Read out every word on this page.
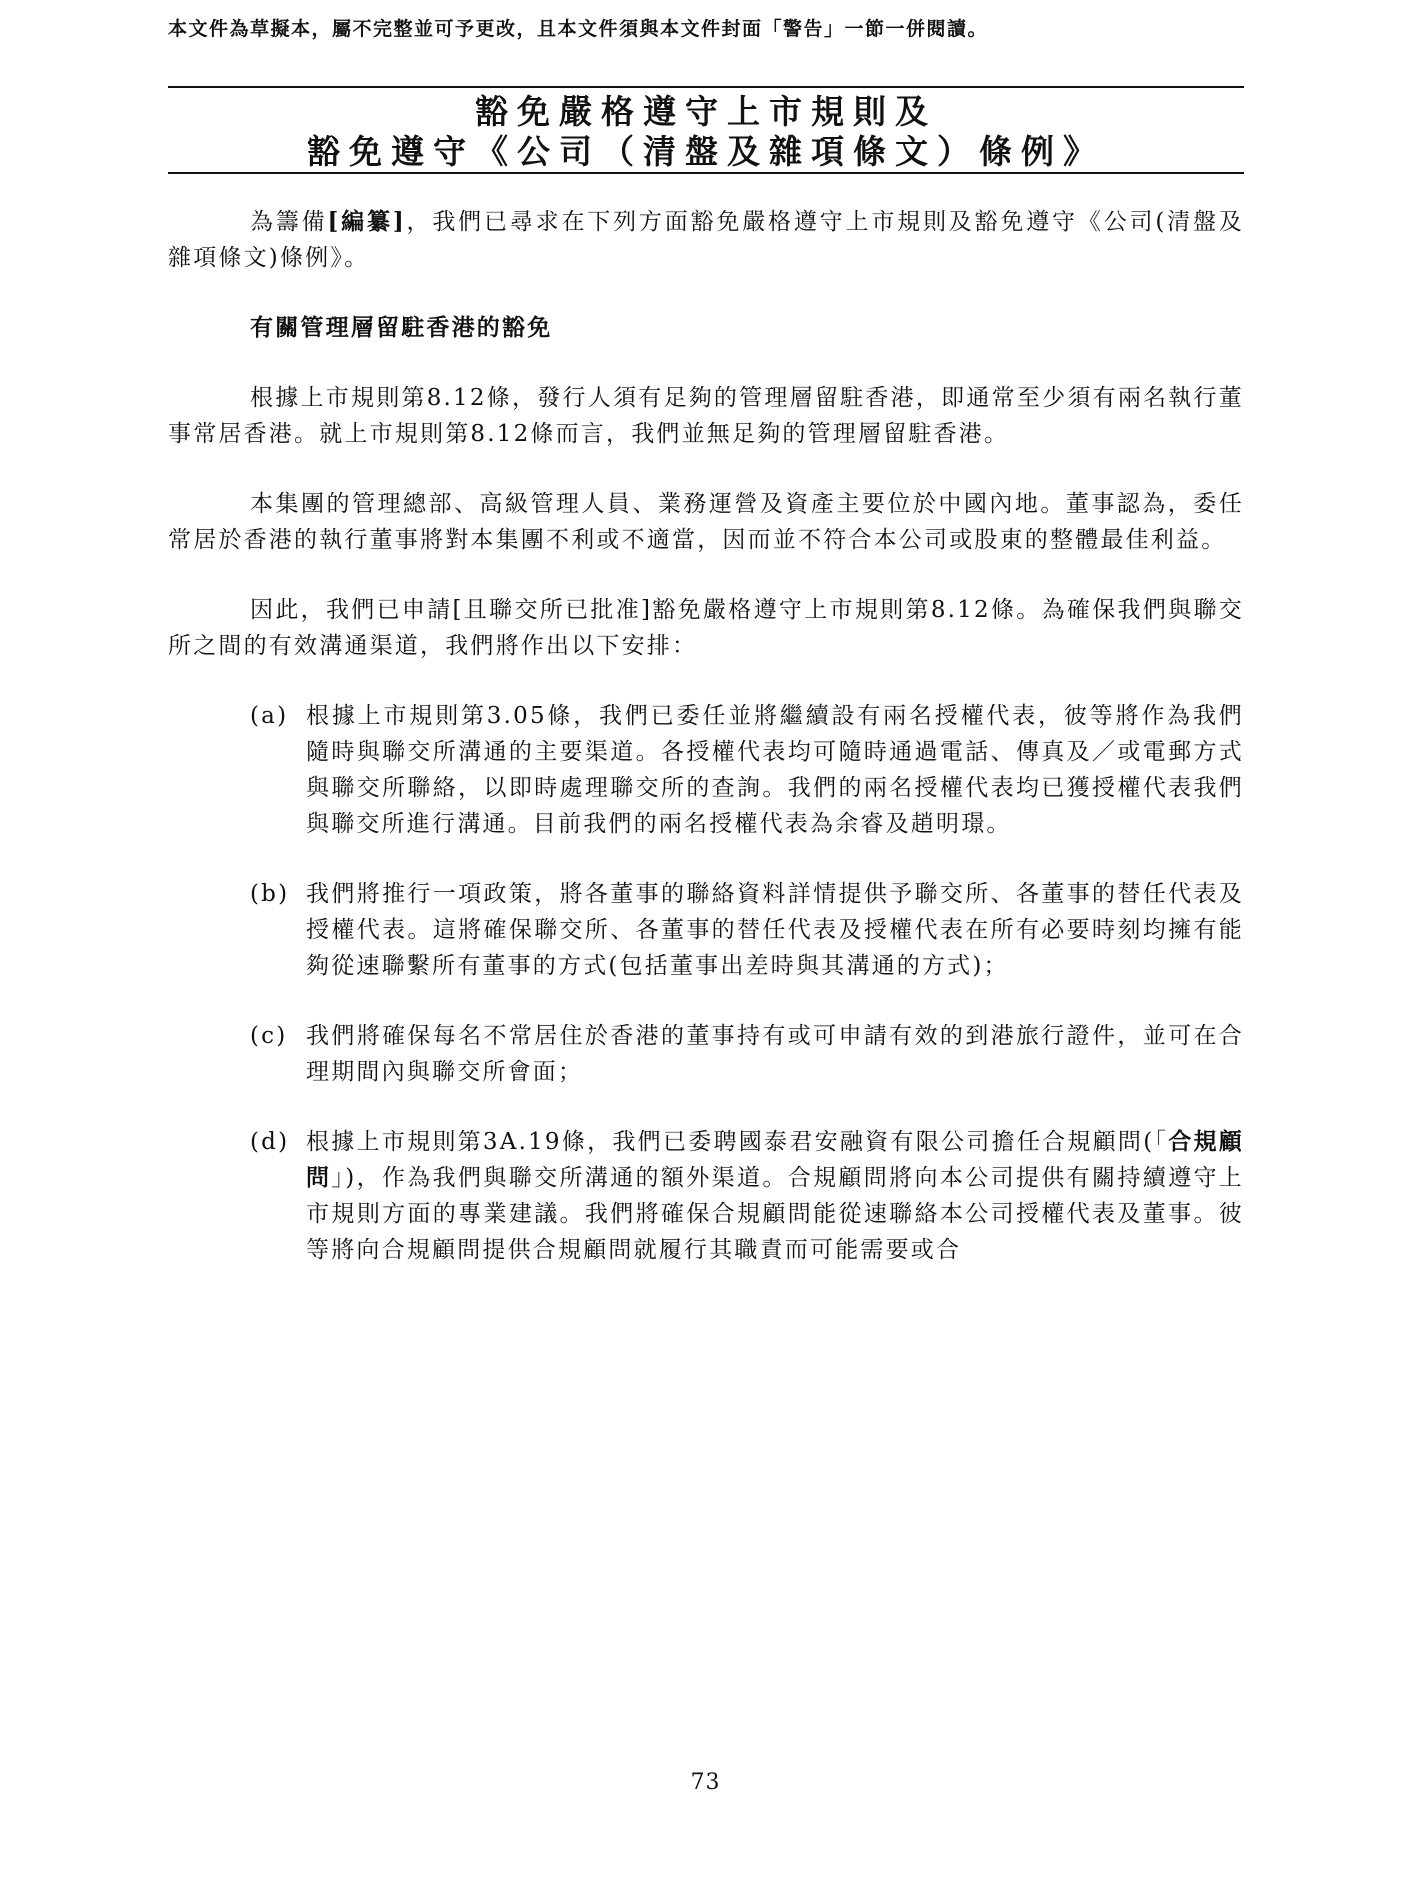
本文件為草擬本，屬不完整並可予更改，且本文件須與本文件封面「警告」一節一併閱讀。
豁免嚴格遵守上市規則及
豁免遵守《公司（清盤及雜項條文）條例》

為籌備[編纂]，我們已尋求在下列方面豁免嚴格遵守上市規則及豁免遵守《公司(清盤及雜項條文)條例》。

有關管理層留駐香港的豁免

根據上市規則第8.12條，發行人須有足夠的管理層留駐香港，即通常至少須有兩名執行董事常居香港。就上市規則第8.12條而言，我們並無足夠的管理層留駐香港。

本集團的管理總部、高級管理人員、業務運營及資產主要位於中國內地。董事認為，委任常居於香港的執行董事將對本集團不利或不適當，因而並不符合本公司或股東的整體最佳利益。

因此，我們已申請[且聯交所已批准]豁免嚴格遵守上市規則第8.12條。為確保我們與聯交所之間的有效溝通渠道，我們將作出以下安排：

(a) 根據上市規則第3.05條，我們已委任並將繼續設有兩名授權代表，彼等將作為我們隨時與聯交所溝通的主要渠道。各授權代表均可隨時通過電話、傳真及／或電郵方式與聯交所聯絡，以即時處理聯交所的查詢。我們的兩名授權代表均已獲授權代表我們與聯交所進行溝通。目前我們的兩名授權代表為余睿及趙明璟。
(b) 我們將推行一項政策，將各董事的聯絡資料詳情提供予聯交所、各董事的替任代表及授權代表。這將確保聯交所、各董事的替任代表及授權代表在所有必要時刻均擁有能夠從速聯繫所有董事的方式(包括董事出差時與其溝通的方式)；
(c) 我們將確保每名不常居住於香港的董事持有或可申請有效的到港旅行證件，並可在合理期間內與聯交所會面；
(d) 根據上市規則第3A.19條，我們已委聘國泰君安融資有限公司擔任合規顧問(「合規顧問」)，作為我們與聯交所溝通的額外渠道。合規顧問將向本公司提供有關持續遵守上市規則方面的專業建議。我們將確保合規顧問能從速聯絡本公司授權代表及董事。彼等將向合規顧問提供合規顧問就履行其職責而可能需要或合
73
